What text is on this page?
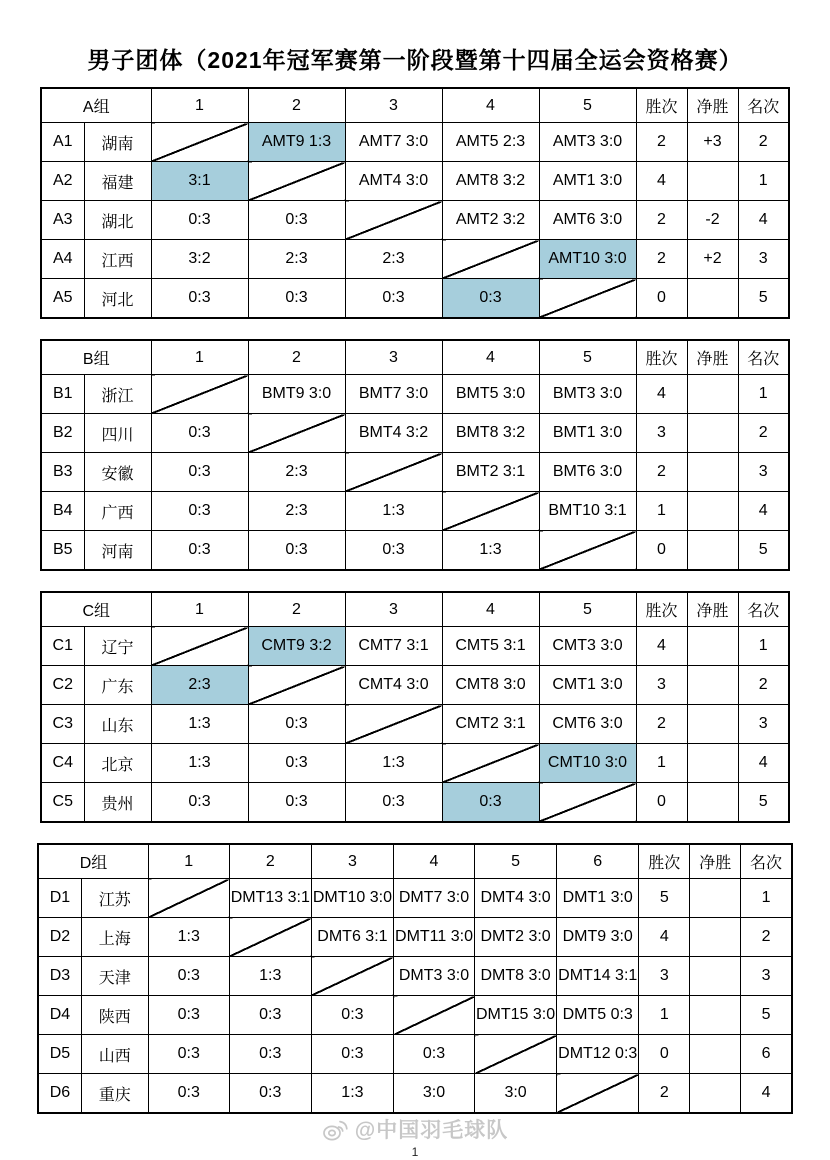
男子团体（2021年冠军赛第一阶段暨第十四届全运会资格赛）
A组		1	2	3	4	5	胜次	净胜	名次
A1	湖南		AMT9 1:3	AMT7 3:0	AMT5 2:3	AMT3 3:0	2	+3	2
A2	福建	3:1		AMT4 3:0	AMT8 3:2	AMT1 3:0	4		1
A3	湖北	0:3	0:3		AMT2 3:2	AMT6 3:0	2	-2	4
A4	江西	3:2	2:3	2:3		AMT10 3:0	2	+2	3
A5	河北	0:3	0:3	0:3	0:3		0		5
B组		1	2	3	4	5	胜次	净胜	名次
B1	浙江		BMT9 3:0	BMT7 3:0	BMT5 3:0	BMT3 3:0	4		1
B2	四川	0:3		BMT4 3:2	BMT8 3:2	BMT1 3:0	3		2
B3	安徽	0:3	2:3		BMT2 3:1	BMT6 3:0	2		3
B4	广西	0:3	2:3	1:3		BMT10 3:1	1		4
B5	河南	0:3	0:3	0:3	1:3		0		5
C组		1	2	3	4	5	胜次	净胜	名次
C1	辽宁		CMT9 3:2	CMT7 3:1	CMT5 3:1	CMT3 3:0	4		1
C2	广东	2:3		CMT4 3:0	CMT8 3:0	CMT1 3:0	3		2
C3	山东	1:3	0:3		CMT2 3:1	CMT6 3:0	2		3
C4	北京	1:3	0:3	1:3		CMT10 3:0	1		4
C5	贵州	0:3	0:3	0:3	0:3		0		5
D组		1	2	3	4	5	6	胜次	净胜	名次
D1	江苏		DMT13 3:1	DMT10 3:0	DMT7 3:0	DMT4 3:0	DMT1 3:0	5		1
D2	上海	1:3		DMT6 3:1	DMT11 3:0	DMT2 3:0	DMT9 3:0	4		2
D3	天津	0:3	1:3		DMT3 3:0	DMT8 3:0	DMT14 3:1	3		3
D4	陕西	0:3	0:3	0:3		DMT15 3:0	DMT5 0:3	1		5
D5	山西	0:3	0:3	0:3	0:3		DMT12 0:3	0		6
D6	重庆	0:3	0:3	1:3	3:0	3:0		2		4
@中国羽毛球队
1
